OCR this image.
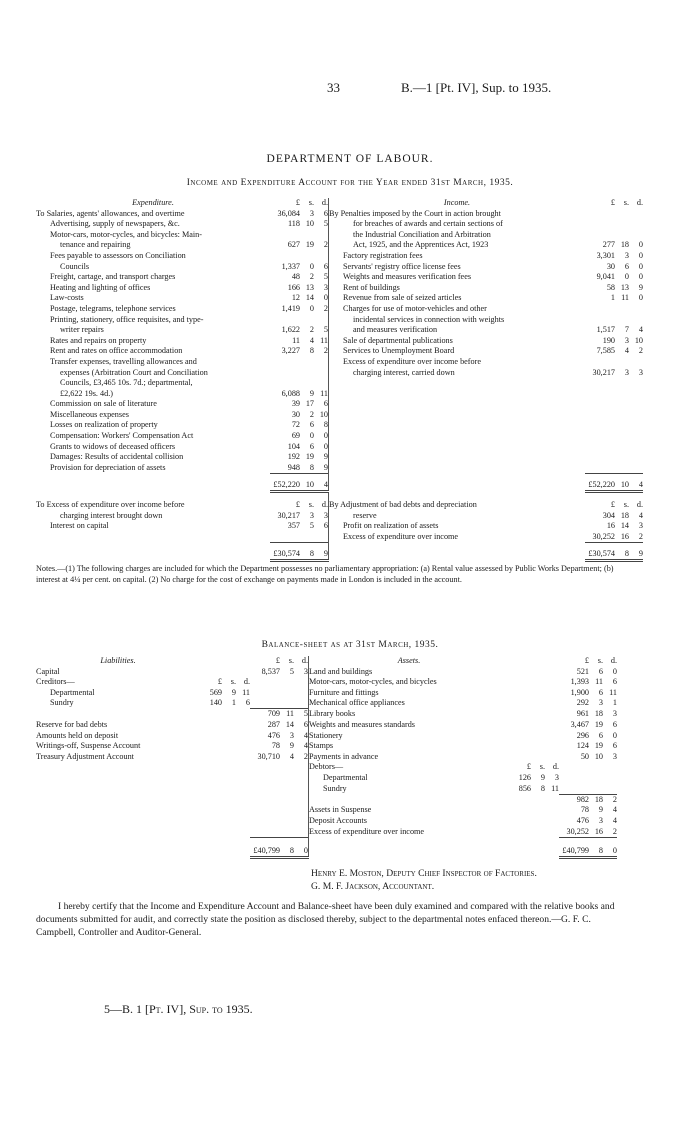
33	B.—1 [Pt. IV], Sup. to 1935.
DEPARTMENT OF LABOUR.
Income and Expenditure Account for the Year ended 31st March, 1935.
Expenditure.	£	s.	d.	Income.	£	s.	d.
To Salaries, agents' allowances, and overtime	36,084	3	6	By Penalties imposed by the Court in action brought			
Advertising, supply of newspapers, &c.	118	10	5	for breaches of awards and certain sections of			
Motor-cars, motor-cycles, and bicycles: Main-				the Industrial Conciliation and Arbitration			
tenance and repairing	627	19	2	Act, 1925, and the Apprentices Act, 1923	277	18	0
Fees payable to assessors on Conciliation				Factory registration fees	3,301	3	0
Councils	1,337	0	6	Servants' registry office license fees	30	6	0
Freight, cartage, and transport charges	48	2	5	Weights and measures verification fees	9,041	0	0
Heating and lighting of offices	166	13	3	Rent of buildings	58	13	9
Law-costs	12	14	0	Revenue from sale of seized articles	1	11	0
Postage, telegrams, telephone services	1,419	0	2	Charges for use of motor-vehicles and other			
Printing, stationery, office requisites, and type-				incidental services in connection with weights			
writer repairs	1,622	2	5	and measures verification	1,517	7	4
Rates and repairs on property	11	4	11	Sale of departmental publications	190	3	10
Rent and rates on office accommodation	3,227	8	2	Services to Unemployment Board	7,585	4	2
Transfer expenses, travelling allowances and				Excess of expenditure over income before			
expenses (Arbitration Court and Conciliation				charging interest, carried down	30,217	3	3
Councils, £3,465 10s. 7d.; departmental,							
£2,622 19s. 4d.)	6,088	9	11				
Commission on sale of literature	39	17	6				
Miscellaneous expenses	30	2	10				
Losses on realization of property	72	6	8				
Compensation: Workers' Compensation Act	69	0	0				
Grants to widows of deceased officers	104	6	0				
Damages: Results of accidental collision	192	19	9				
Provision for depreciation of assets	948	8	9				
	£52,220	10	4		£52,220	10	4

To Excess of expenditure over income before	£	s.	d.	By Adjustment of bad debts and depreciation	£	s.	d.
charging interest brought down	30,217	3	3	reserve	304	18	4
Interest on capital	357	5	6	Profit on realization of assets	16	14	3
				Excess of expenditure over income	30,252	16	2
	£30,574	8	9		£30,574	8	9
Notes.—(1) The following charges are included for which the Department possesses no parliamentary appropriation: (a) Rental value assessed by Public Works Department; (b) interest at 4¼ per cent. on capital. (2) No charge for the cost of exchange on payments made in London is included in the account.
Balance-sheet as at 31st March, 1935.
Liabilities.				£	s.	d.	Assets.				£	s.	d.
Capital				8,537	5	3	Land and buildings				521	6	0
Creditors—	£	s.	d.				Motor-cars, motor-cycles, and bicycles				1,393	11	6
Departmental	569	9	11				Furniture and fittings				1,900	6	11
Sundry	140	1	6				Mechanical office appliances				292	3	1
				709	11	5	Library books				961	18	3
Reserve for bad debts				287	14	6	Weights and measures standards				3,467	19	6
Amounts held on deposit				476	3	4	Stationery				296	6	0
Writings-off, Suspense Account				78	9	4	Stamps				124	19	6
Treasury Adjustment Account				30,710	4	2	Payments in advance				50	10	3
							Debtors—	£	s.	d.			
							Departmental	126	9	3			
							Sundry	856	8	11			
											982	18	2
							Assets in Suspense				78	9	4
							Deposit Accounts				476	3	4
							Excess of expenditure over income				30,252	16	2
				£40,799	8	0					£40,799	8	0
Henry E. Moston, Deputy Chief Inspector of Factories.
G. M. F. Jackson, Accountant.
I hereby certify that the Income and Expenditure Account and Balance-sheet have been duly examined and compared with the relative books and documents submitted for audit, and correctly state the position as disclosed thereby, subject to the departmental notes enfaced thereon.—G. F. C. Campbell, Controller and Auditor-General.
5—B. 1 [Pt. IV], Sup. to 1935.
